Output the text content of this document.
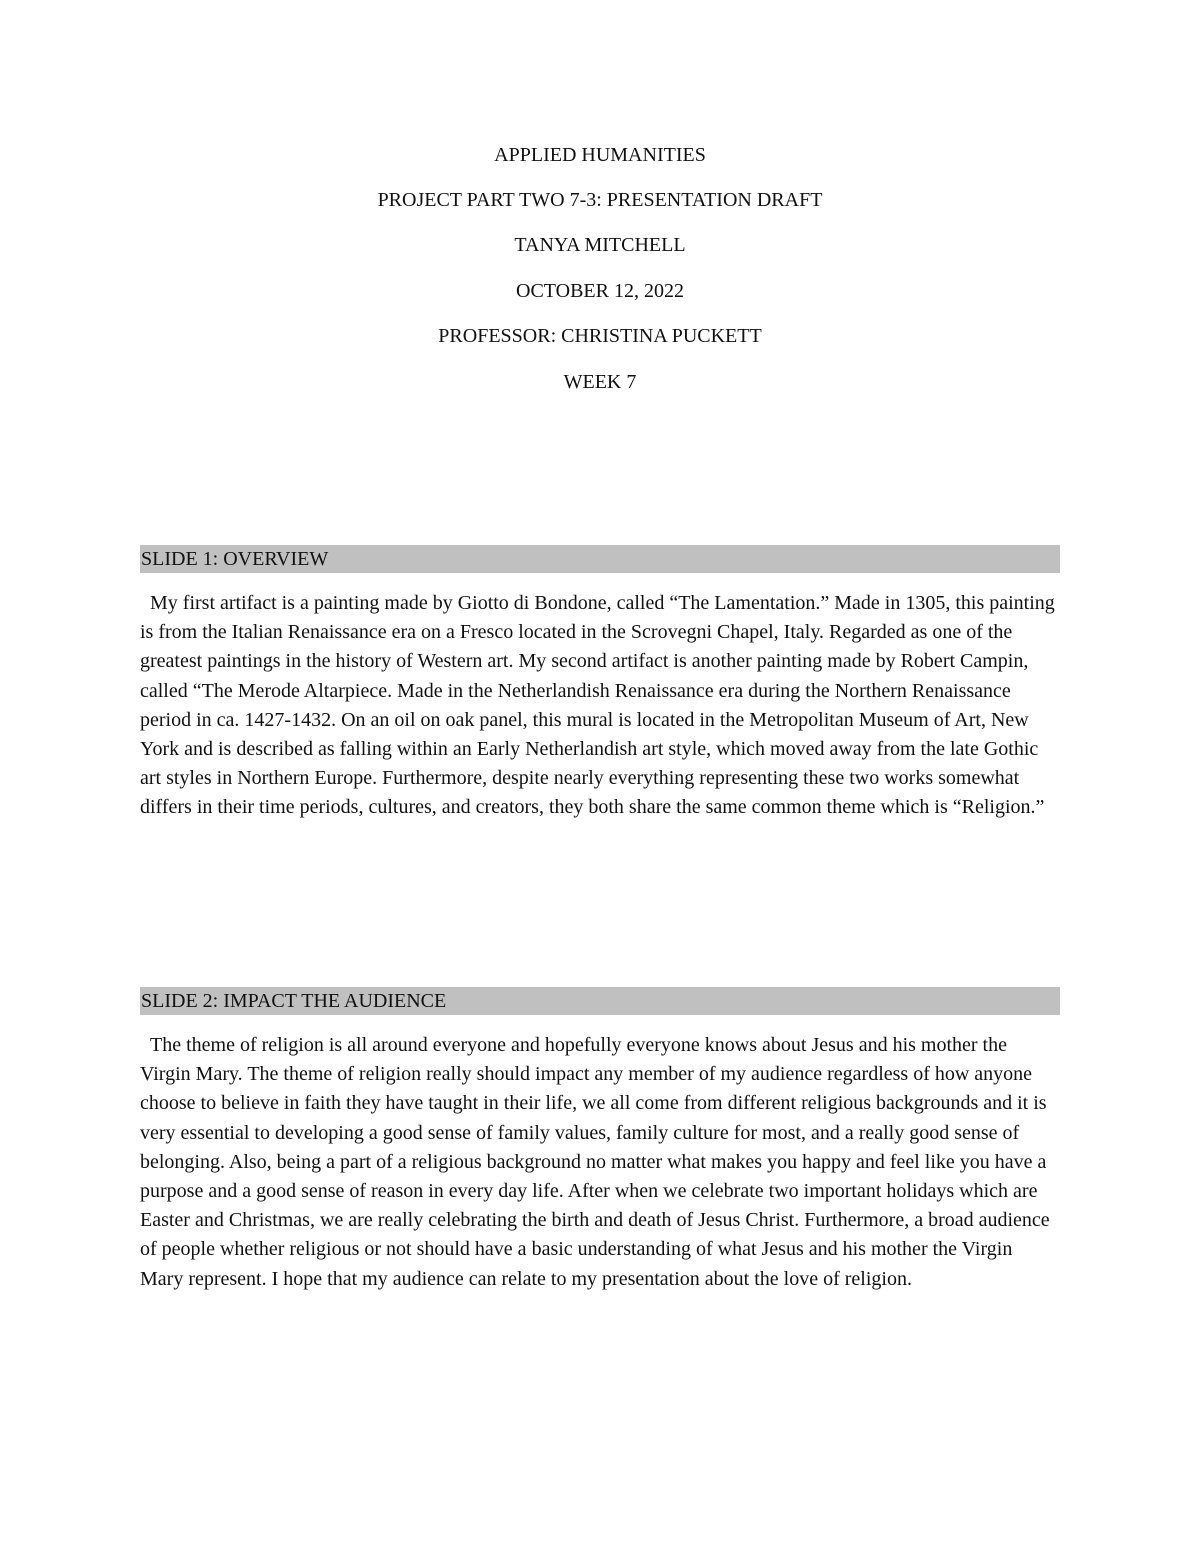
APPLIED HUMANITIES
PROJECT PART TWO 7-3: PRESENTATION DRAFT
TANYA MITCHELL
OCTOBER 12, 2022
PROFESSOR: CHRISTINA PUCKETT
WEEK 7
SLIDE 1: OVERVIEW
My first artifact is a painting made by Giotto di Bondone, called “The Lamentation.” Made in 1305, this painting is from the Italian Renaissance era on a Fresco located in the Scrovegni Chapel, Italy. Regarded as one of the greatest paintings in the history of Western art. My second artifact is another painting made by Robert Campin, called “The Merode Altarpiece. Made in the Netherlandish Renaissance era during the Northern Renaissance period in ca. 1427-1432. On an oil on oak panel, this mural is located in the Metropolitan Museum of Art, New York and is described as falling within an Early Netherlandish art style, which moved away from the late Gothic art styles in Northern Europe. Furthermore, despite nearly everything representing these two works somewhat differs in their time periods, cultures, and creators, they both share the same common theme which is “Religion.”
SLIDE 2: IMPACT THE AUDIENCE
The theme of religion is all around everyone and hopefully everyone knows about Jesus and his mother the Virgin Mary. The theme of religion really should impact any member of my audience regardless of how anyone choose to believe in faith they have taught in their life, we all come from different religious backgrounds and it is very essential to developing a good sense of family values, family culture for most, and a really good sense of belonging. Also, being a part of a religious background no matter what makes you happy and feel like you have a purpose and a good sense of reason in every day life. After when we celebrate two important holidays which are Easter and Christmas, we are really celebrating the birth and death of Jesus Christ. Furthermore, a broad audience of people whether religious or not should have a basic understanding of what Jesus and his mother the Virgin Mary represent. I hope that my audience can relate to my presentation about the love of religion.
